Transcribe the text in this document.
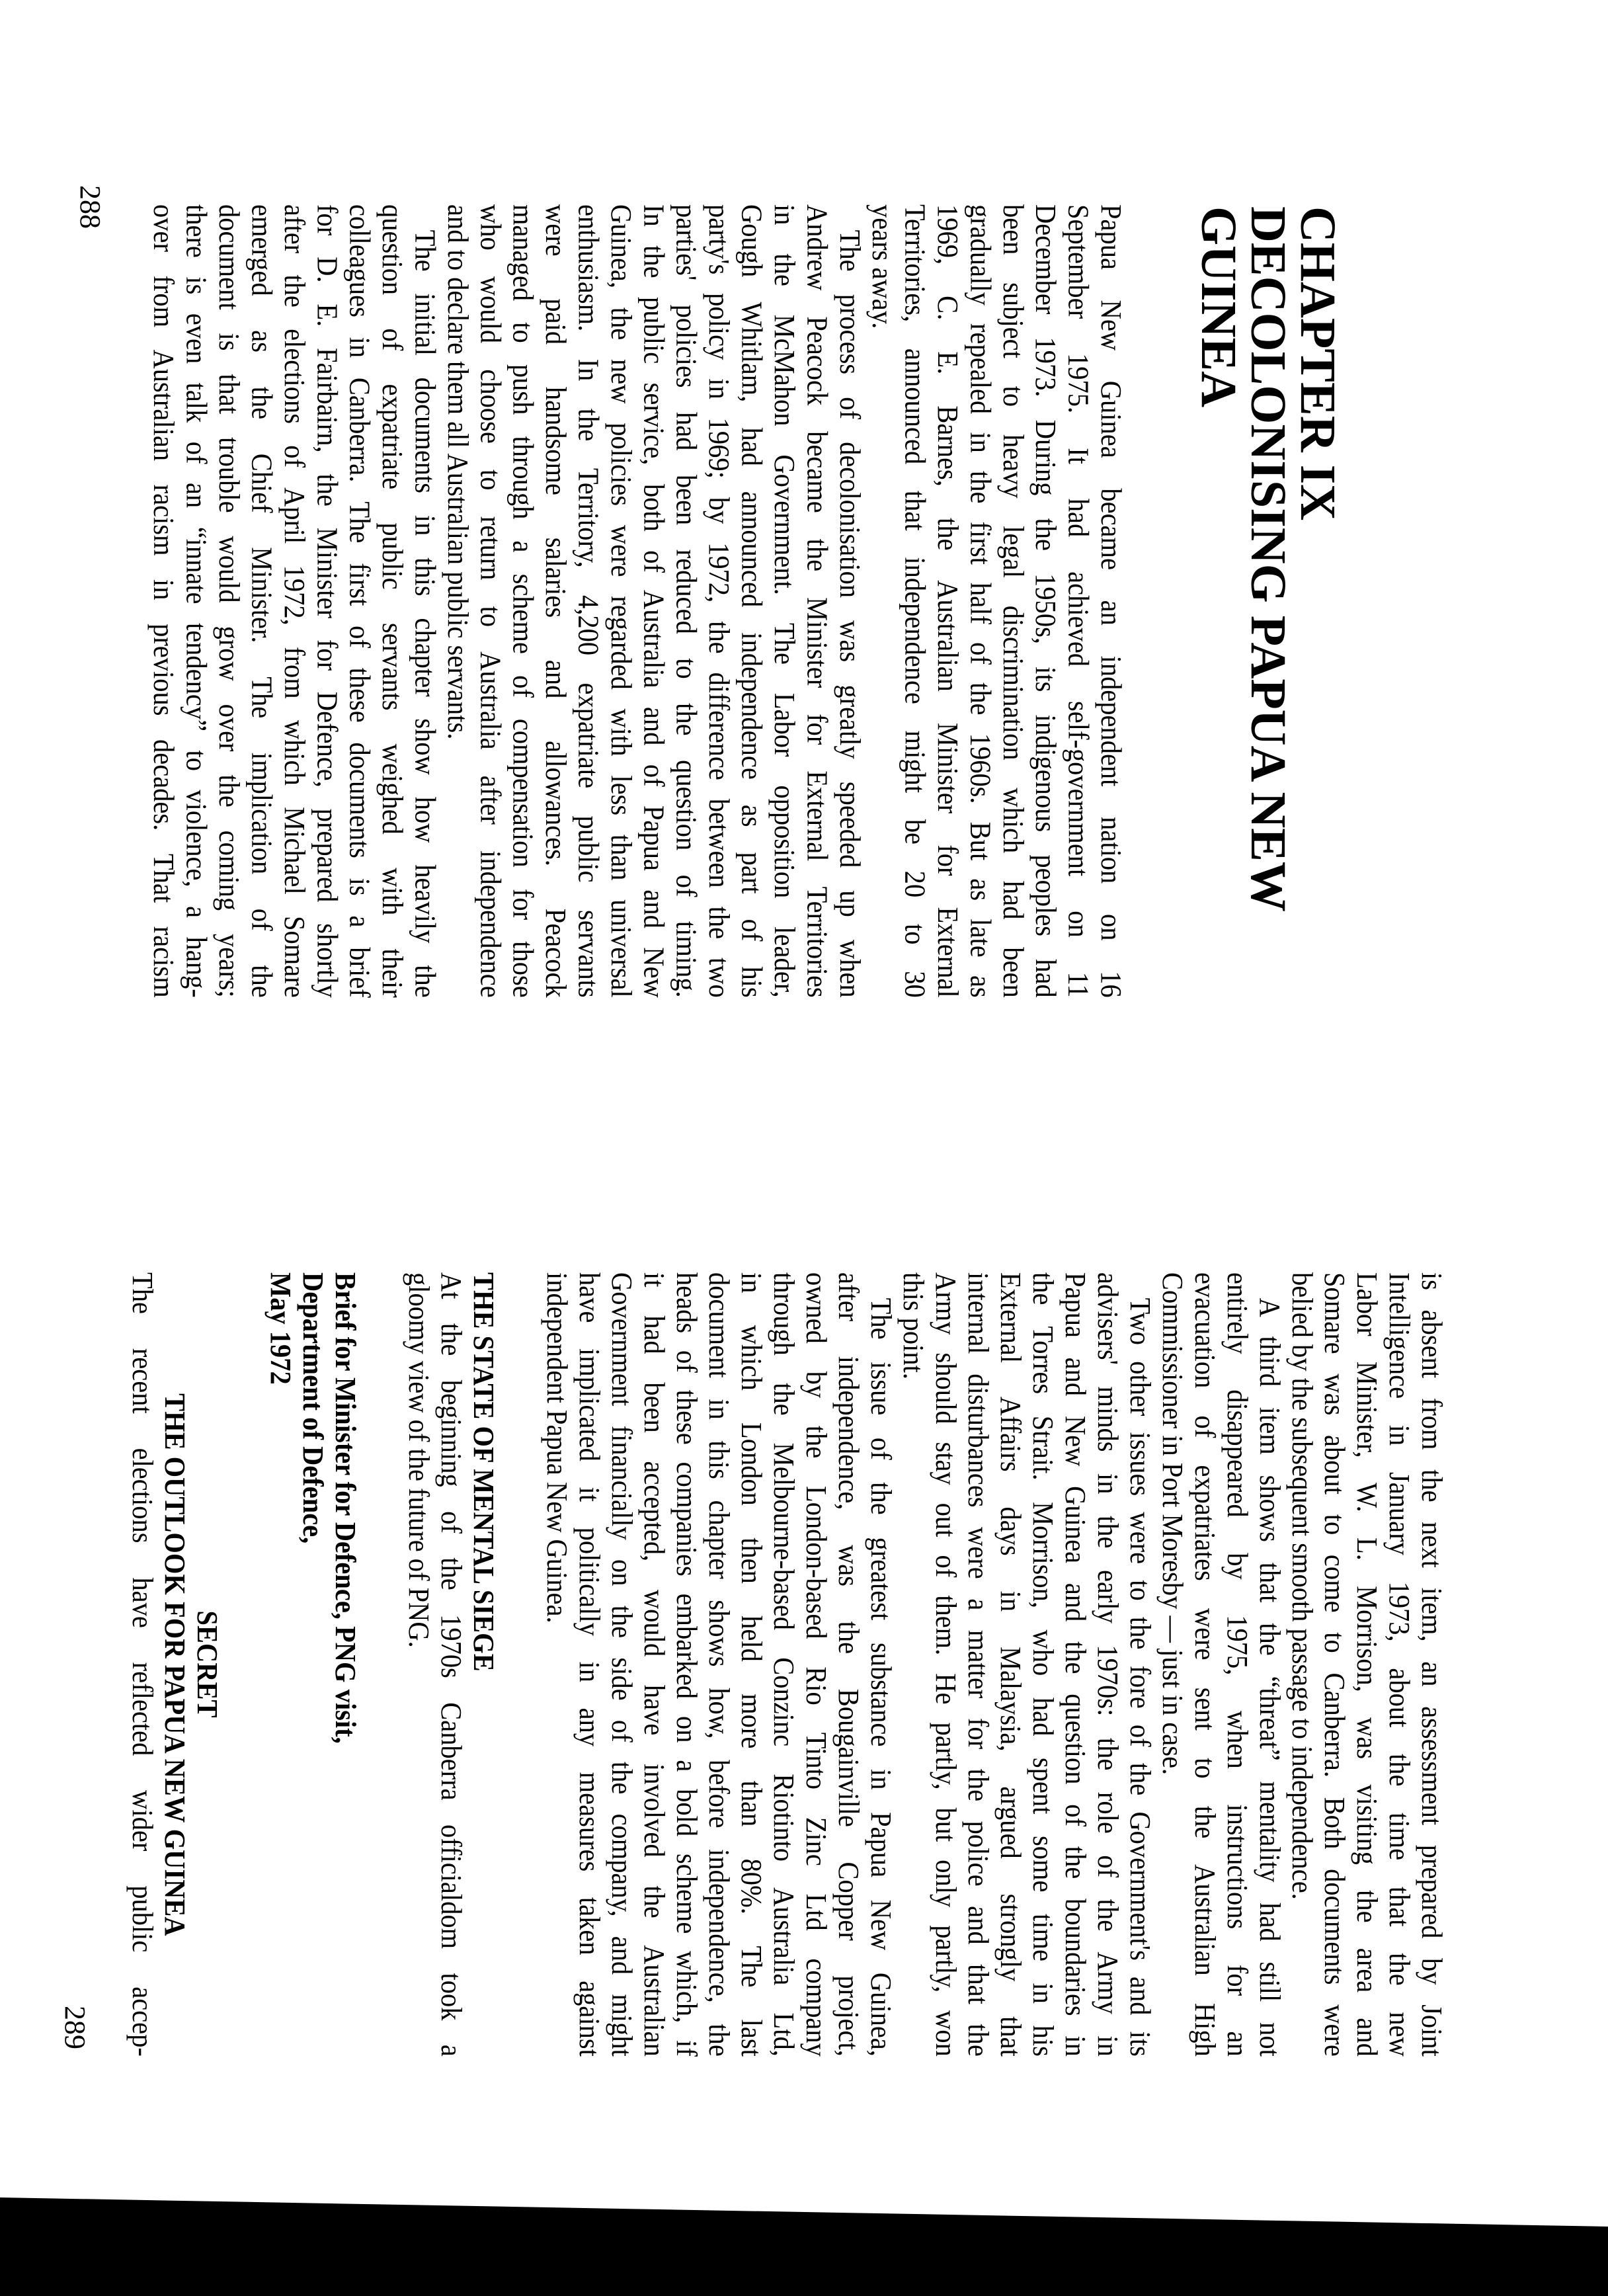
CHAPTER IX
DECOLONISING PAPUA NEW
GUINEA
Papua New Guinea became an independent nation on 16
September 1975. It had achieved self-government on 11
December 1973. During the 1950s, its indigenous peoples had
been subject to heavy legal discrimination which had been
gradually repealed in the first half of the 1960s. But as late as
1969, C. E. Barnes, the Australian Minister for External
Territories, announced that independence might be 20 to 30
years away.
The process of decolonisation was greatly speeded up when
Andrew Peacock became the Minister for External Territories
in the McMahon Government. The Labor opposition leader,
Gough Whitlam, had announced independence as part of his
party's policy in 1969; by 1972, the difference between the two
parties' policies had been reduced to the question of timing.
In the public service, both of Australia and of Papua and New
Guinea, the new policies were regarded with less than universal
enthusiasm. In the Territory, 4,200 expatriate public servants
were paid handsome salaries and allowances. Peacock
managed to push through a scheme of compensation for those
who would choose to return to Australia after independence
and to declare them all Australian public servants.
The initial documents in this chapter show how heavily the
question of expatriate public servants weighed with their
colleagues in Canberra. The first of these documents is a brief
for D. E. Fairbairn, the Minister for Defence, prepared shortly
after the elections of April 1972, from which Michael Somare
emerged as the Chief Minister. The implication of the
document is that trouble would grow over the coming years;
there is even talk of an “innate tendency” to violence, a hang-
over from Australian racism in previous decades. That racism
288
is absent from the next item, an assessment prepared by Joint
Intelligence in January 1973, about the time that the new
Labor Minister, W. L. Morrison, was visiting the area and
Somare was about to come to Canberra. Both documents were
belied by the subsequent smooth passage to independence.
A third item shows that the “threat” mentality had still not
entirely disappeared by 1975, when instructions for an
evacuation of expatriates were sent to the Australian High
Commissioner in Port Moresby — just in case.
Two other issues were to the fore of the Government's and its
advisers' minds in the early 1970s: the role of the Army in
Papua and New Guinea and the question of the boundaries in
the Torres Strait. Morrison, who had spent some time in his
External Affairs days in Malaysia, argued strongly that
internal disturbances were a matter for the police and that the
Army should stay out of them. He partly, but only partly, won
this point.
The issue of the greatest substance in Papua New Guinea,
after independence, was the Bougainville Copper project,
owned by the London-based Rio Tinto Zinc Ltd company
through the Melbourne-based Conzinc Riotinto Australia Ltd,
in which London then held more than 80%. The last
document in this chapter shows how, before independence, the
heads of these companies embarked on a bold scheme which, if
it had been accepted, would have involved the Australian
Government financially on the side of the company, and might
have implicated it politically in any measures taken against
independent Papua New Guinea.
THE STATE OF MENTAL SIEGE
At the beginning of the 1970s Canberra officialdom took a
gloomy view of the future of PNG.
Brief for Minister for Defence, PNG visit,
Department of Defence,
May 1972
SECRET
THE OUTLOOK FOR PAPUA NEW GUINEA
The recent elections have reflected wider public accep-
289
